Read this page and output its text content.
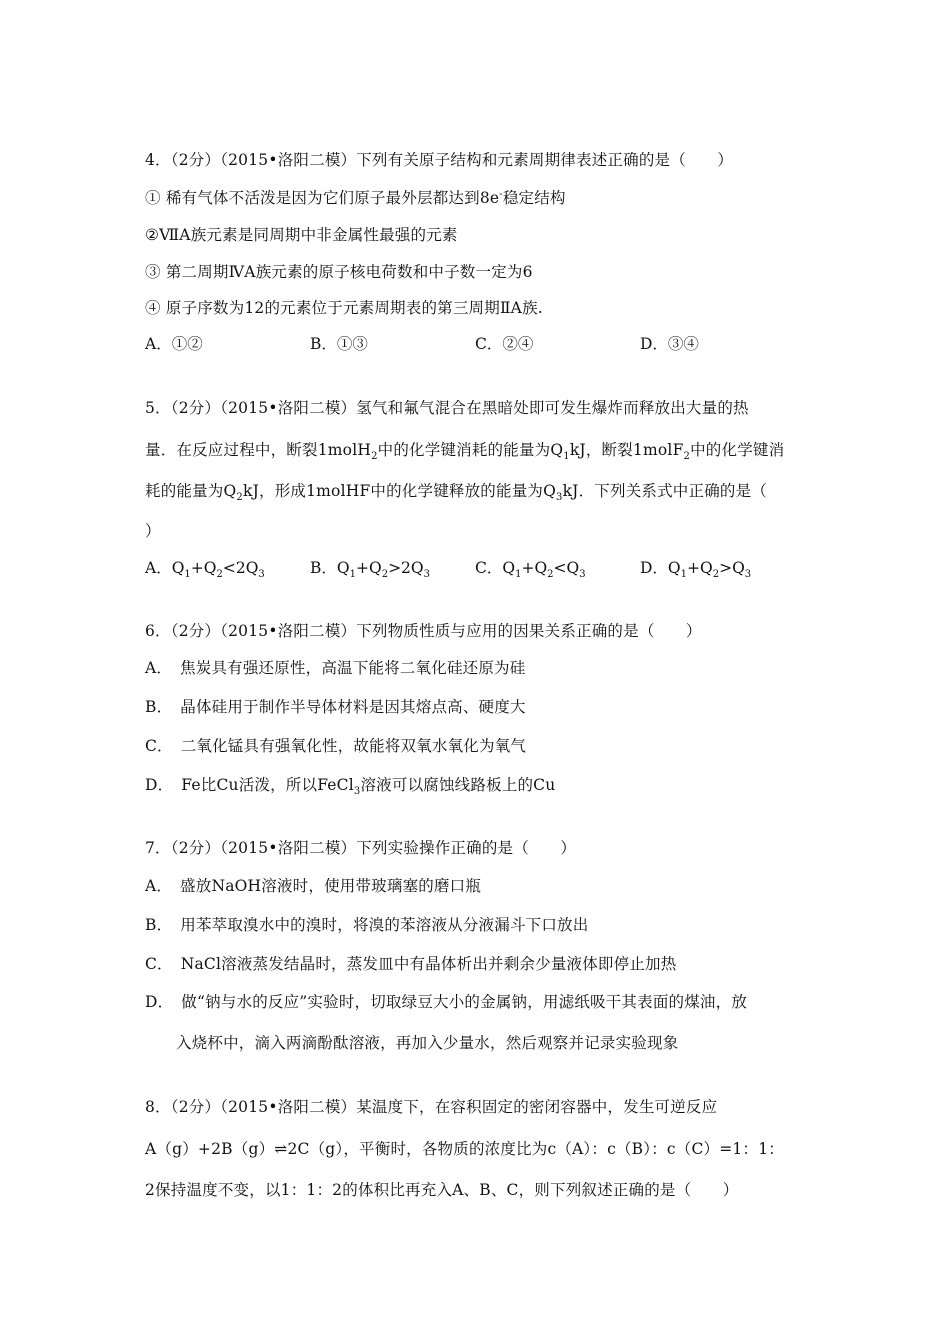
4．（2分）（2015•洛阳二模）下列有关原子结构和元素周期律表述正确的是（　　）
① 稀有气体不活泼是因为它们原子最外层都达到8e-稳定结构
②ⅦA族元素是同周期中非金属性最强的元素
③ 第二周期ⅣA族元素的原子核电荷数和中子数一定为6
④ 原子序数为12的元素位于元素周期表的第三周期ⅡA族.
A．①②	B．①③	C．②④	D．③④
5．（2分）（2015•洛阳二模）氢气和氟气混合在黑暗处即可发生爆炸而释放出大量的热
量．在反应过程中，断裂1molH$_2$中的化学键消耗的能量为$Q_1kJ$，断裂1molF$_2$中的化学键消
耗的能量为$Q_2kJ$，形成1molHF中的化学键释放的能量为$Q_3kJ$．下列关系式中正确的是（
）
A．$Q_1+Q_2<2Q_3$	B．$Q_1+Q_2>2Q_3$	C．$Q_1+Q_2<Q_3$	D．$Q_1+Q_2>Q_3$
6．（2分）（2015•洛阳二模）下列物质性质与应用的因果关系正确的是（　　）
A．　焦炭具有强还原性，高温下能将二氧化硅还原为硅
B．　晶体硅用于制作半导体材料是因其熔点高、硬度大
C．　二氧化锰具有强氧化性，故能将双氧水氧化为氧气
D．　Fe比Cu活泼，所以FeCl$_3$溶液可以腐蚀线路板上的Cu
7．（2分）（2015•洛阳二模）下列实验操作正确的是（　　）
A．　盛放NaOH溶液时，使用带玻璃塞的磨口瓶
B．　用苯萃取溴水中的溴时，将溴的苯溶液从分液漏斗下口放出
C．　NaCl溶液蒸发结晶时，蒸发皿中有晶体析出并剩余少量液体即停止加热
D．　做“钠与水的反应”实验时，切取绿豆大小的金属钠，用滤纸吸干其表面的煤油，放
入烧杯中，滴入两滴酚酞溶液，再加入少量水，然后观察并记录实验现象
8．（2分）（2015•洛阳二模）某温度下，在容积固定的密闭容器中，发生可逆反应
A（g）+2B（g）⇌2C（g），平衡时，各物质的浓度比为c（A）：c（B）：c（C）=1：1：
2保持温度不变，以1：1：2的体积比再充入A、B、C，则下列叙述正确的是（　　）
